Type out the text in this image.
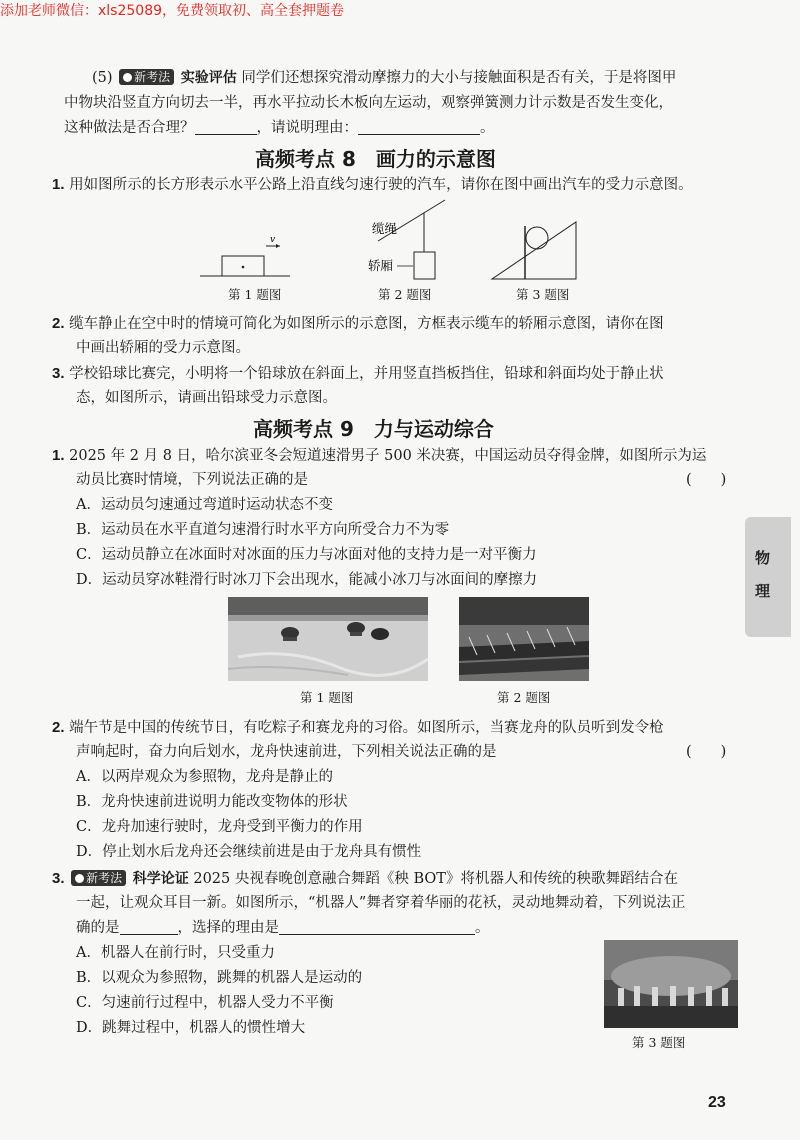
添加老师微信：xls25089，免费领取初、高全套押题卷
(5) 新考法 实验评估 同学们还想探究滑动摩擦力的大小与接触面积是否有关，于是将图甲
中物块沿竖直方向切去一半，再水平拉动长木板向左运动，观察弹簧测力计示数是否发生变化，
这种做法是否合理？	，请说明理由：	。
高频考点 8　画力的示意图
1. 用如图所示的长方形表示水平公路上沿直线匀速行驶的汽车，请你在图中画出汽车的受力示意图。
v
缆绳
轿厢
第 1 题图	第 2 题图	第 3 题图
2. 缆车静止在空中时的情境可简化为如图所示的示意图，方框表示缆车的轿厢示意图，请你在图
中画出轿厢的受力示意图。
3. 学校铅球比赛完，小明将一个铅球放在斜面上，并用竖直挡板挡住，铅球和斜面均处于静止状
态，如图所示，请画出铅球受力示意图。
高频考点 9　力与运动综合
1. 2025 年 2 月 8 日，哈尔滨亚冬会短道速滑男子 500 米决赛，中国运动员夺得金牌，如图所示为运
动员比赛时情境，下列说法正确的是	(　　)
A．运动员匀速通过弯道时运动状态不变
B．运动员在水平直道匀速滑行时水平方向所受合力不为零
C．运动员静立在冰面时对冰面的压力与冰面对他的支持力是一对平衡力
D．运动员穿冰鞋滑行时冰刀下会出现水，能减小冰刀与冰面间的摩擦力
第 1 题图	第 2 题图
2. 端午节是中国的传统节日，有吃粽子和赛龙舟的习俗。如图所示，当赛龙舟的队员听到发令枪
声响起时，奋力向后划水，龙舟快速前进，下列相关说法正确的是	(　　)
A．以两岸观众为参照物，龙舟是静止的
B．龙舟快速前进说明力能改变物体的形状
C．龙舟加速行驶时，龙舟受到平衡力的作用
D．停止划水后龙舟还会继续前进是由于龙舟具有惯性
3. 新考法 科学论证 2025 央视春晚创意融合舞蹈《秧 BOT》将机器人和传统的秧歌舞蹈结合在
一起，让观众耳目一新。如图所示，“机器人”舞者穿着华丽的花袄，灵动地舞动着，下列说法正
确的是	，选择的理由是	。
A．机器人在前行时，只受重力
B．以观众为参照物，跳舞的机器人是运动的
C．匀速前行过程中，机器人受力不平衡
D．跳舞过程中，机器人的惯性增大
第 3 题图
物
理
23
